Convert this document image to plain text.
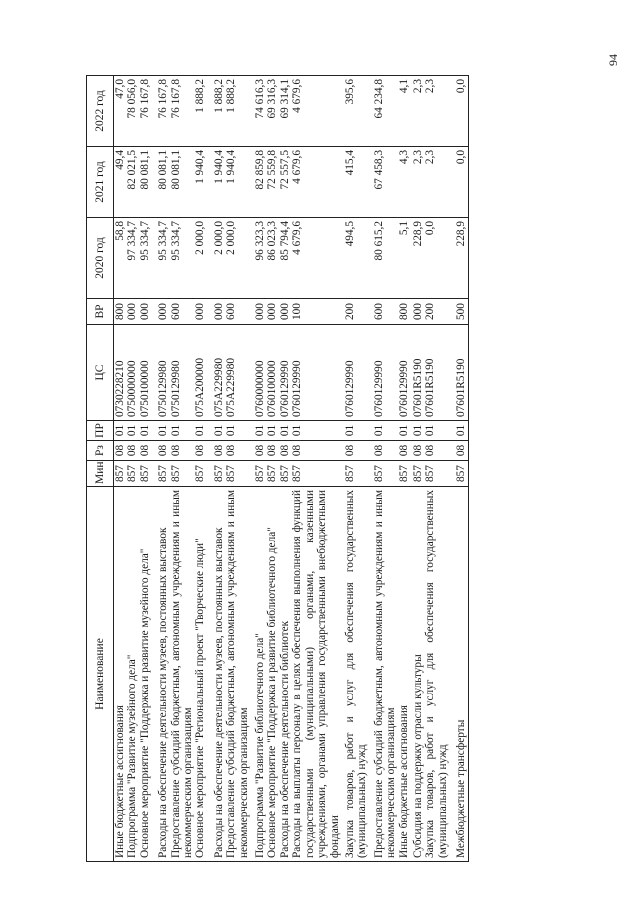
94
Наименование	Мин	Рз	ПР	ЦС	ВР	2020 год	2021 год	2022 год
Иные бюджетные ассигнования	857	08	01	0730228210	800	58,8	49,4	47,0
Подпрограмма "Развитие музейного дела"	857	08	01	0750000000	000	97 334,7	82 021,5	78 056,0
Основное мероприятие "Поддержка и развитие музейного дела"	857	08	01	0750100000	000	95 334,7	80 081,1	76 167,8
Расходы на обеспечение деятельности музеев, постоянных выставок	857	08	01	0750129980	000	95 334,7	80 081,1	76 167,8
Предоставление субсидий бюджетным, автономным учреждениям и иным некоммерческим организациям	857	08	01	0750129980	600	95 334,7	80 081,1	76 167,8
Основное мероприятие "Региональный проект "Творческие люди"	857	08	01	075A200000	000	2 000,0	1 940,4	1 888,2
Расходы на обеспечение деятельности музеев, постоянных выставок	857	08	01	075A229980	000	2 000,0	1 940,4	1 888,2
Предоставление субсидий бюджетным, автономным учреждениям и иным некоммерческим организациям	857	08	01	075A229980	600	2 000,0	1 940,4	1 888,2
Подпрограмма "Развитие библиотечного дела"	857	08	01	0760000000	000	96 323,3	82 859,8	74 616,3
Основное мероприятие "Поддержка и развитие библиотечного дела"	857	08	01	0760100000	000	86 023,3	72 559,8	69 316,3
Расходы на обеспечение деятельности библиотек	857	08	01	0760129990	000	85 794,4	72 557,5	69 314,1
Расходы на выплаты персоналу в целях обеспечения выполнения функций государственными (муниципальными) органами, казенными учреждениями, органами управления государственными внебюджетными фондами	857	08	01	0760129990	100	4 679,6	4 679,6	4 679,6
Закупка товаров, работ и услуг для обеспечения государственных (муниципальных) нужд	857	08	01	0760129990	200	494,5	415,4	395,6
Предоставление субсидий бюджетным, автономным учреждениям и иным некоммерческим организациям	857	08	01	0760129990	600	80 615,2	67 458,3	64 234,8
Иные бюджетные ассигнования	857	08	01	0760129990	800	5,1	4,3	4,1
Субсидия на поддержку отрасли культуры	857	08	01	07601R5190	000	228,9	2,3	2,3
Закупка товаров, работ и услуг для обеспечения государственных (муниципальных) нужд	857	08	01	07601R5190	200	0,0	2,3	2,3
Межбюджетные трансферты	857	08	01	07601R5190	500	228,9	0,0	0,0
